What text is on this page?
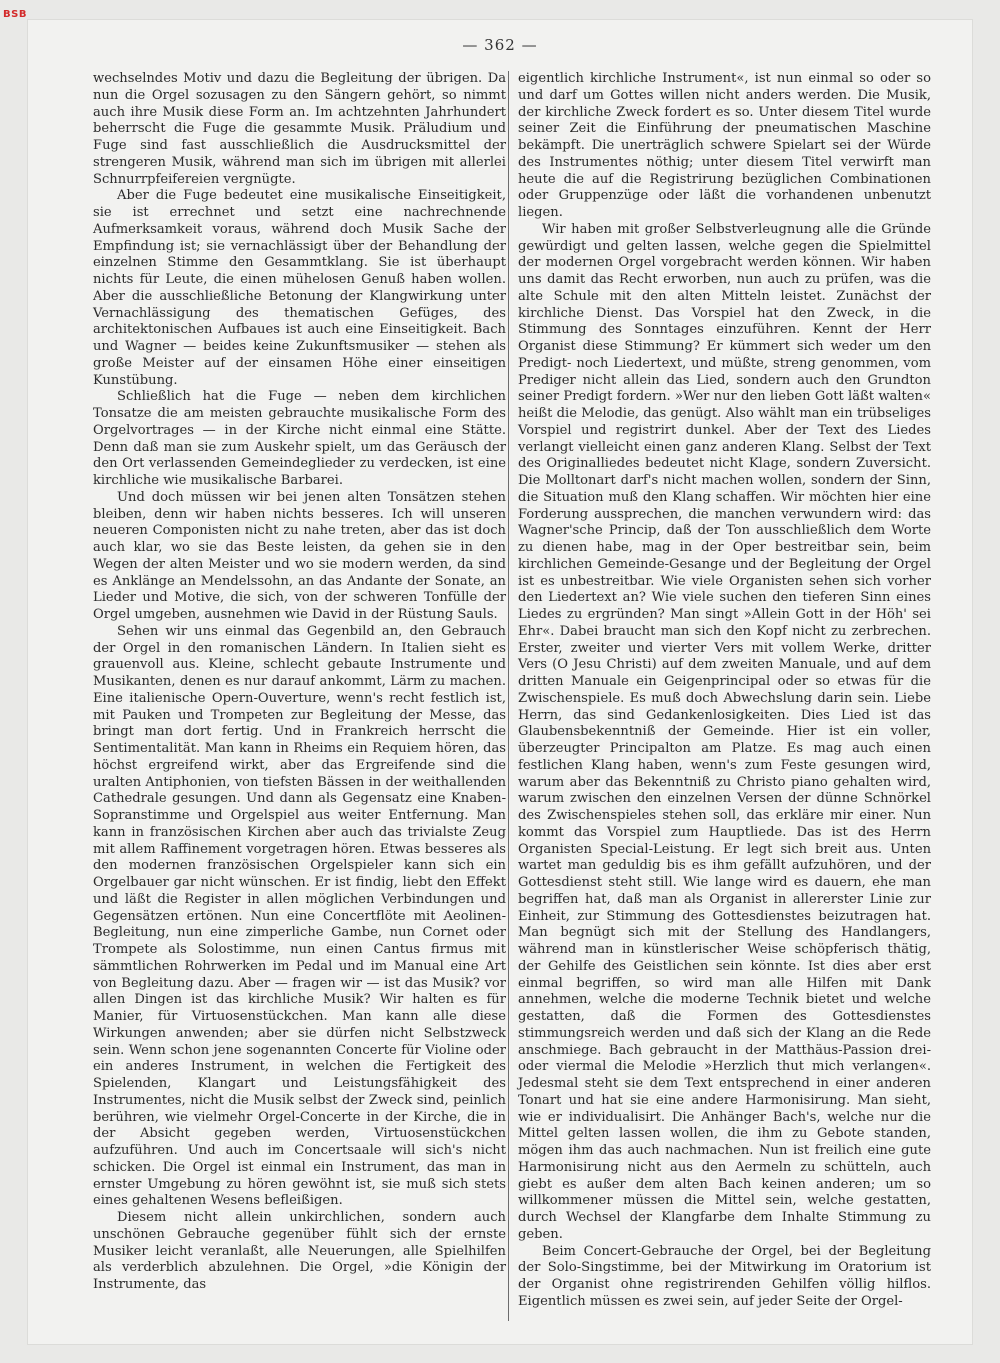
BSB
— 362 —

wechselndes Motiv und dazu die Begleitung der übrigen. Da nun die Orgel sozusagen zu den Sängern gehört, so nimmt auch ihre Musik diese Form an. Im achtzehnten Jahrhundert beherrscht die Fuge die gesammte Musik. Präludium und Fuge sind fast ausschließlich die Ausdrucksmittel der strengeren Musik, während man sich im übrigen mit allerlei Schnurrpfeifereien vergnügte.

Aber die Fuge bedeutet eine musikalische Einseitigkeit, sie ist errechnet und setzt eine nachrechnende Aufmerksamkeit voraus, während doch Musik Sache der Empfindung ist; sie vernachlässigt über der Behandlung der einzelnen Stimme den Gesammtklang. Sie ist überhaupt nichts für Leute, die einen mühelosen Genuß haben wollen. Aber die ausschließliche Betonung der Klangwirkung unter Vernachlässigung des thematischen Gefüges, des architektonischen Aufbaues ist auch eine Einseitigkeit. Bach und Wagner — beides keine Zukunftsmusiker — stehen als große Meister auf der einsamen Höhe einer einseitigen Kunstübung.

Schließlich hat die Fuge — neben dem kirchlichen Tonsatze die am meisten gebrauchte musikalische Form des Orgelvortrages — in der Kirche nicht einmal eine Stätte. Denn daß man sie zum Auskehr spielt, um das Geräusch der den Ort verlassenden Gemeindeglieder zu verdecken, ist eine kirchliche wie musikalische Barbarei.

Und doch müssen wir bei jenen alten Tonsätzen stehen bleiben, denn wir haben nichts besseres. Ich will unseren neueren Componisten nicht zu nahe treten, aber das ist doch auch klar, wo sie das Beste leisten, da gehen sie in den Wegen der alten Meister und wo sie modern werden, da sind es Anklänge an Mendelssohn, an das Andante der Sonate, an Lieder und Motive, die sich, von der schweren Tonfülle der Orgel umgeben, ausnehmen wie David in der Rüstung Sauls.

Sehen wir uns einmal das Gegenbild an, den Gebrauch der Orgel in den romanischen Ländern. In Italien sieht es grauenvoll aus. Kleine, schlecht gebaute Instrumente und Musikanten, denen es nur darauf ankommt, Lärm zu machen. Eine italienische Opern-Ouverture, wenn's recht festlich ist, mit Pauken und Trompeten zur Begleitung der Messe, das bringt man dort fertig. Und in Frankreich herrscht die Sentimentalität. Man kann in Rheims ein Requiem hören, das höchst ergreifend wirkt, aber das Ergreifende sind die uralten Antiphonien, von tiefsten Bässen in der weithallenden Cathedrale gesungen. Und dann als Gegensatz eine Knaben-Sopranstimme und Orgelspiel aus weiter Entfernung. Man kann in französischen Kirchen aber auch das trivialste Zeug mit allem Raffinement vorgetragen hören. Etwas besseres als den modernen französischen Orgelspieler kann sich ein Orgelbauer gar nicht wünschen. Er ist findig, liebt den Effekt und läßt die Register in allen möglichen Verbindungen und Gegensätzen ertönen. Nun eine Concertflöte mit Aeolinen-Begleitung, nun eine zimperliche Gambe, nun Cornet oder Trompete als Solostimme, nun einen Cantus firmus mit sämmtlichen Rohrwerken im Pedal und im Manual eine Art von Begleitung dazu. Aber — fragen wir — ist das Musik? vor allen Dingen ist das kirchliche Musik? Wir halten es für Manier, für Virtuosenstückchen. Man kann alle diese Wirkungen anwenden; aber sie dürfen nicht Selbstzweck sein. Wenn schon jene sogenannten Concerte für Violine oder ein anderes Instrument, in welchen die Fertigkeit des Spielenden, Klangart und Leistungsfähigkeit des Instrumentes, nicht die Musik selbst der Zweck sind, peinlich berühren, wie vielmehr Orgel-Concerte in der Kirche, die in der Absicht gegeben werden, Virtuosenstückchen aufzuführen. Und auch im Concertsaale will sich's nicht schicken. Die Orgel ist einmal ein Instrument, das man in ernster Umgebung zu hören gewöhnt ist, sie muß sich stets eines gehaltenen Wesens befleißigen.

Diesem nicht allein unkirchlichen, sondern auch unschönen Gebrauche gegenüber fühlt sich der ernste Musiker leicht veranlaßt, alle Neuerungen, alle Spielhilfen als verderblich abzulehnen. Die Orgel, »die Königin der Instrumente, das

eigentlich kirchliche Instrument«, ist nun einmal so oder so und darf um Gottes willen nicht anders werden. Die Musik, der kirchliche Zweck fordert es so. Unter diesem Titel wurde seiner Zeit die Einführung der pneumatischen Maschine bekämpft. Die unerträglich schwere Spielart sei der Würde des Instrumentes nöthig; unter diesem Titel verwirft man heute die auf die Registrirung bezüglichen Combinationen oder Gruppenzüge oder läßt die vorhandenen unbenutzt liegen.

Wir haben mit großer Selbstverleugnung alle die Gründe gewürdigt und gelten lassen, welche gegen die Spielmittel der modernen Orgel vorgebracht werden können. Wir haben uns damit das Recht erworben, nun auch zu prüfen, was die alte Schule mit den alten Mitteln leistet. Zunächst der kirchliche Dienst. Das Vorspiel hat den Zweck, in die Stimmung des Sonntages einzuführen. Kennt der Herr Organist diese Stimmung? Er kümmert sich weder um den Predigt- noch Liedertext, und müßte, streng genommen, vom Prediger nicht allein das Lied, sondern auch den Grundton seiner Predigt fordern. »Wer nur den lieben Gott läßt walten« heißt die Melodie, das genügt. Also wählt man ein trübseliges Vorspiel und registrirt dunkel. Aber der Text des Liedes verlangt vielleicht einen ganz anderen Klang. Selbst der Text des Originalliedes bedeutet nicht Klage, sondern Zuversicht. Die Molltonart darf's nicht machen wollen, sondern der Sinn, die Situation muß den Klang schaffen. Wir möchten hier eine Forderung aussprechen, die manchen verwundern wird: das Wagner'sche Princip, daß der Ton ausschließlich dem Worte zu dienen habe, mag in der Oper bestreitbar sein, beim kirchlichen Gemeinde-Gesange und der Begleitung der Orgel ist es unbestreitbar. Wie viele Organisten sehen sich vorher den Liedertext an? Wie viele suchen den tieferen Sinn eines Liedes zu ergründen? Man singt »Allein Gott in der Höh' sei Ehr«. Dabei braucht man sich den Kopf nicht zu zerbrechen. Erster, zweiter und vierter Vers mit vollem Werke, dritter Vers (O Jesu Christi) auf dem zweiten Manuale, und auf dem dritten Manuale ein Geigenprincipal oder so etwas für die Zwischenspiele. Es muß doch Abwechslung darin sein. Liebe Herrn, das sind Gedankenlosigkeiten. Dies Lied ist das Glaubensbekenntniß der Gemeinde. Hier ist ein voller, überzeugter Principalton am Platze. Es mag auch einen festlichen Klang haben, wenn's zum Feste gesungen wird, warum aber das Bekenntniß zu Christo piano gehalten wird, warum zwischen den einzelnen Versen der dünne Schnörkel des Zwischenspieles stehen soll, das erkläre mir einer. Nun kommt das Vorspiel zum Hauptliede. Das ist des Herrn Organisten Special-Leistung. Er legt sich breit aus. Unten wartet man geduldig bis es ihm gefällt aufzuhören, und der Gottesdienst steht still. Wie lange wird es dauern, ehe man begriffen hat, daß man als Organist in allererster Linie zur Einheit, zur Stimmung des Gottesdienstes beizutragen hat. Man begnügt sich mit der Stellung des Handlangers, während man in künstlerischer Weise schöpferisch thätig, der Gehilfe des Geistlichen sein könnte. Ist dies aber erst einmal begriffen, so wird man alle Hilfen mit Dank annehmen, welche die moderne Technik bietet und welche gestatten, daß die Formen des Gottesdienstes stimmungsreich werden und daß sich der Klang an die Rede anschmiege. Bach gebraucht in der Matthäus-Passion drei- oder viermal die Melodie »Herzlich thut mich verlangen«. Jedesmal steht sie dem Text entsprechend in einer anderen Tonart und hat sie eine andere Harmonisirung. Man sieht, wie er individualisirt. Die Anhänger Bach's, welche nur die Mittel gelten lassen wollen, die ihm zu Gebote standen, mögen ihm das auch nachmachen. Nun ist freilich eine gute Harmonisirung nicht aus den Aermeln zu schütteln, auch giebt es außer dem alten Bach keinen anderen; um so willkommener müssen die Mittel sein, welche gestatten, durch Wechsel der Klangfarbe dem Inhalte Stimmung zu geben.

Beim Concert-Gebrauche der Orgel, bei der Begleitung der Solo-Singstimme, bei der Mitwirkung im Oratorium ist der Organist ohne registrirenden Gehilfen völlig hilflos. Eigentlich müssen es zwei sein, auf jeder Seite der Orgel-
